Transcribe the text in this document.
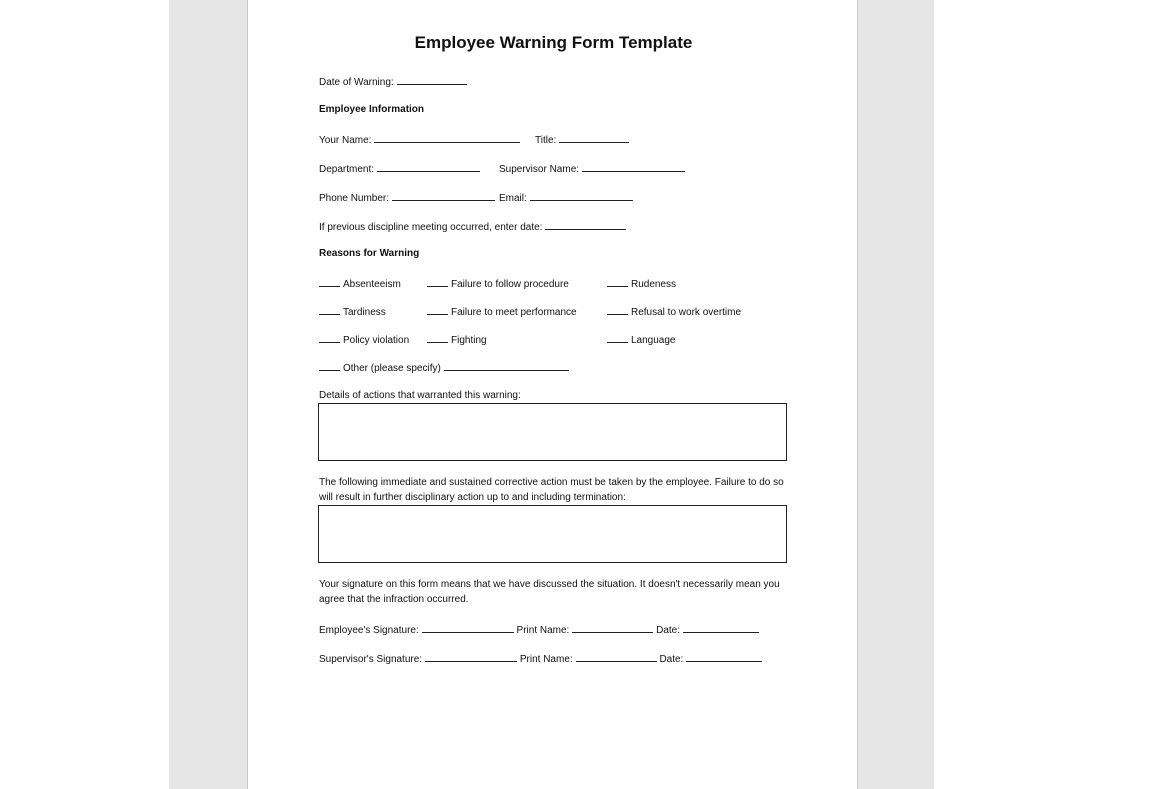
Employee Warning Form Template
Date of Warning:
Employee Information
Your Name:	Title:
Department:	Supervisor Name:
Phone Number:	Email:
If previous discipline meeting occurred, enter date:
Reasons for Warning
Absenteeism	Failure to follow procedure	Rudeness
Tardiness	Failure to meet performance	Refusal to work overtime
Policy violation	Fighting	Language
Other (please specify)
Details of actions that warranted this warning:
The following immediate and sustained corrective action must be taken by the employee. Failure to do so will result in further disciplinary action up to and including termination:
Your signature on this form means that we have discussed the situation. It doesn't necessarily mean you agree that the infraction occurred.
Employee's Signature:	Print Name:	Date:
Supervisor's Signature:	Print Name:	Date:
